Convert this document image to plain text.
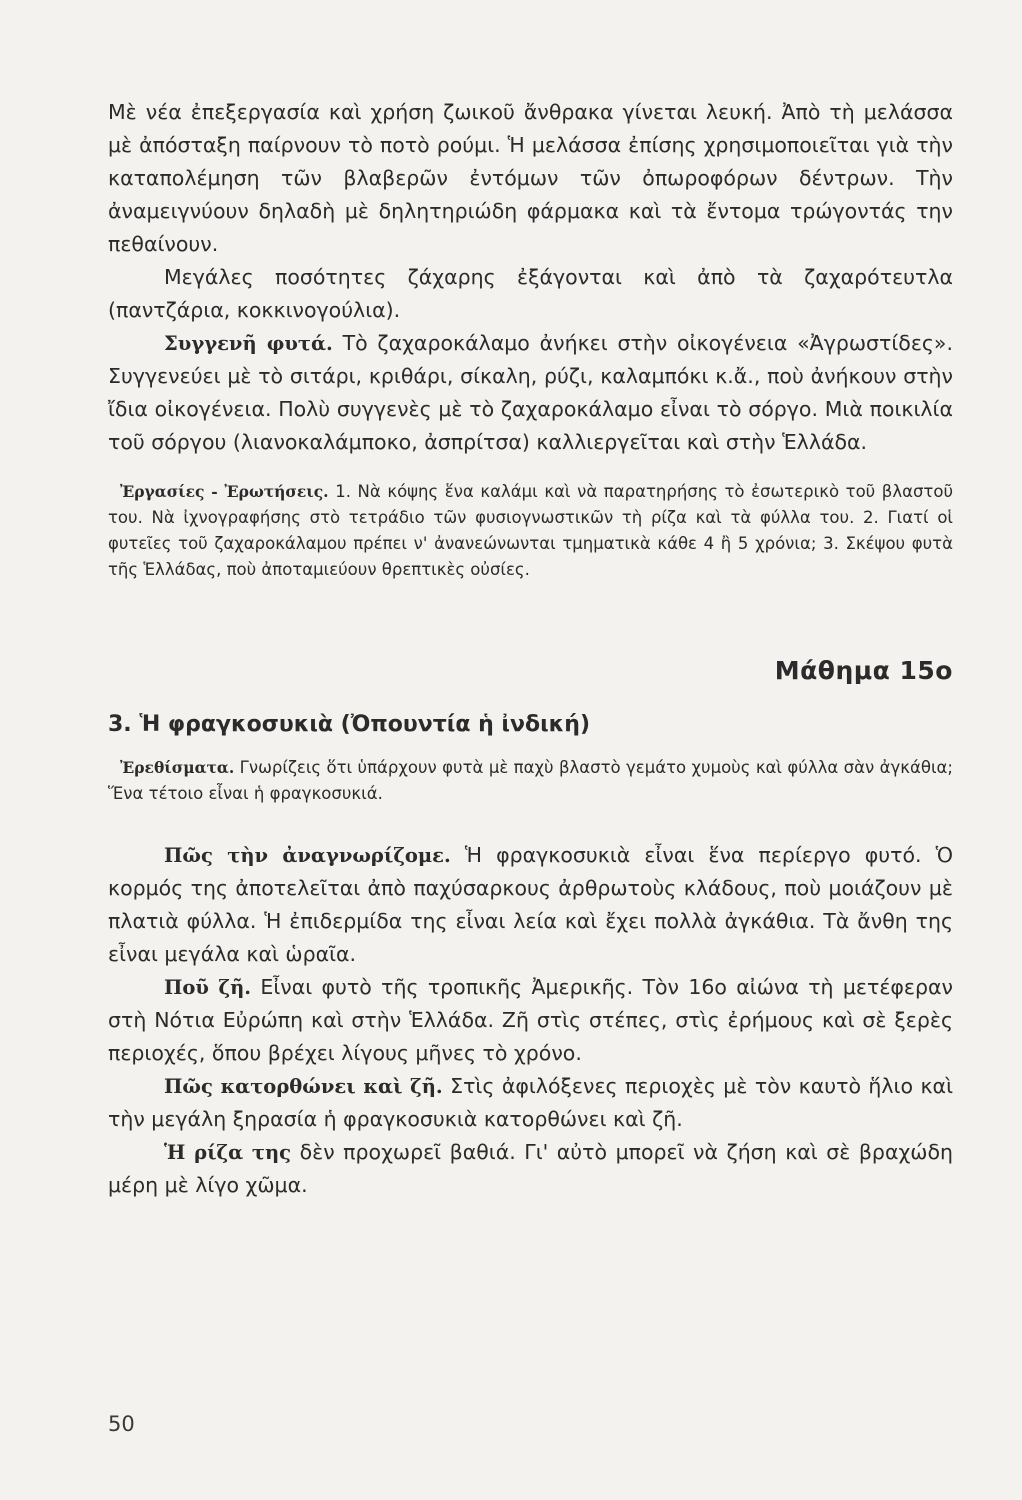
Μὲ νέα ἐπεξεργασία καὶ χρήση ζωικοῦ ἄνθρακα γίνεται λευκή. Ἀπὸ τὴ μελάσσα μὲ ἀπόσταξη παίρνουν τὸ ποτὸ ρούμι. Ἡ μελάσσα ἐπίσης χρησιμοποιεῖται γιὰ τὴν καταπολέμηση τῶν βλαβερῶν ἐντόμων τῶν ὀπωροφόρων δέντρων. Τὴν ἀναμειγνύουν δηλαδὴ μὲ δηλητηριώδη φάρμακα καὶ τὰ ἔντομα τρώγοντάς την πεθαίνουν.

Μεγάλες ποσότητες ζάχαρης ἐξάγονται καὶ ἀπὸ τὰ ζαχαρότευτλα (παντζάρια, κοκκινογούλια).

Συγγενῆ φυτά. Τὸ ζαχαροκάλαμο ἀνήκει στὴν οἰκογένεια «Ἀγρωστίδες». Συγγενεύει μὲ τὸ σιτάρι, κριθάρι, σίκαλη, ρύζι, καλαμπόκι κ.ἄ., ποὺ ἀνήκουν στὴν ἴδια οἰκογένεια. Πολὺ συγγενὲς μὲ τὸ ζαχαροκάλαμο εἶναι τὸ σόργο. Μιὰ ποικιλία τοῦ σόργου (λιανοκαλάμποκο, ἀσπρίτσα) καλλιεργεῖται καὶ στὴν Ἑλλάδα.

Ἐργασίες - Ἐρωτήσεις. 1. Νὰ κόψης ἕνα καλάμι καὶ νὰ παρατηρήσης τὸ ἐσωτερικὸ τοῦ βλαστοῦ του. Νὰ ἰχνογραφήσης στὸ τετράδιο τῶν φυσιογνωστικῶν τὴ ρίζα καὶ τὰ φύλλα του. 2. Γιατί οἱ φυτεῖες τοῦ ζαχαροκάλαμου πρέπει ν' ἀνανεώνωνται τμηματικὰ κάθε 4 ἢ 5 χρόνια; 3. Σκέψου φυτὰ τῆς Ἑλλάδας, ποὺ ἀποταμιεύουν θρεπτικὲς οὐσίες.

Μάθημα 15ο
3. Ἡ φραγκοσυκιὰ (Ὀπουντία ἡ ἰνδική)

Ἐρεθίσματα. Γνωρίζεις ὅτι ὑπάρχουν φυτὰ μὲ παχὺ βλαστὸ γεμάτο χυμοὺς καὶ φύλλα σὰν ἀγκάθια; Ἕνα τέτοιο εἶναι ἡ φραγκοσυκιά.

Πῶς τὴν ἀναγνωρίζομε. Ἡ φραγκοσυκιὰ εἶναι ἕνα περίεργο φυτό. Ὁ κορμός της ἀποτελεῖται ἀπὸ παχύσαρκους ἀρθρωτοὺς κλάδους, ποὺ μοιάζουν μὲ πλατιὰ φύλλα. Ἡ ἐπιδερμίδα της εἶναι λεία καὶ ἔχει πολλὰ ἀγκάθια. Τὰ ἄνθη της εἶναι μεγάλα καὶ ὡραῖα.

Ποῦ ζῆ. Εἶναι φυτὸ τῆς τροπικῆς Ἀμερικῆς. Τὸν 16ο αἰώνα τὴ μετέφεραν στὴ Νότια Εὐρώπη καὶ στὴν Ἑλλάδα. Ζῆ στὶς στέπες, στὶς ἐρήμους καὶ σὲ ξερὲς περιοχές, ὅπου βρέχει λίγους μῆνες τὸ χρόνο.

Πῶς κατορθώνει καὶ ζῆ. Στὶς ἀφιλόξενες περιοχὲς μὲ τὸν καυτὸ ἥλιο καὶ τὴν μεγάλη ξηρασία ἡ φραγκοσυκιὰ κατορθώνει καὶ ζῆ.

Ἡ ρίζα της δὲν προχωρεῖ βαθιά. Γι' αὐτὸ μπορεῖ νὰ ζήση καὶ σὲ βραχώδη μέρη μὲ λίγο χῶμα.

50
